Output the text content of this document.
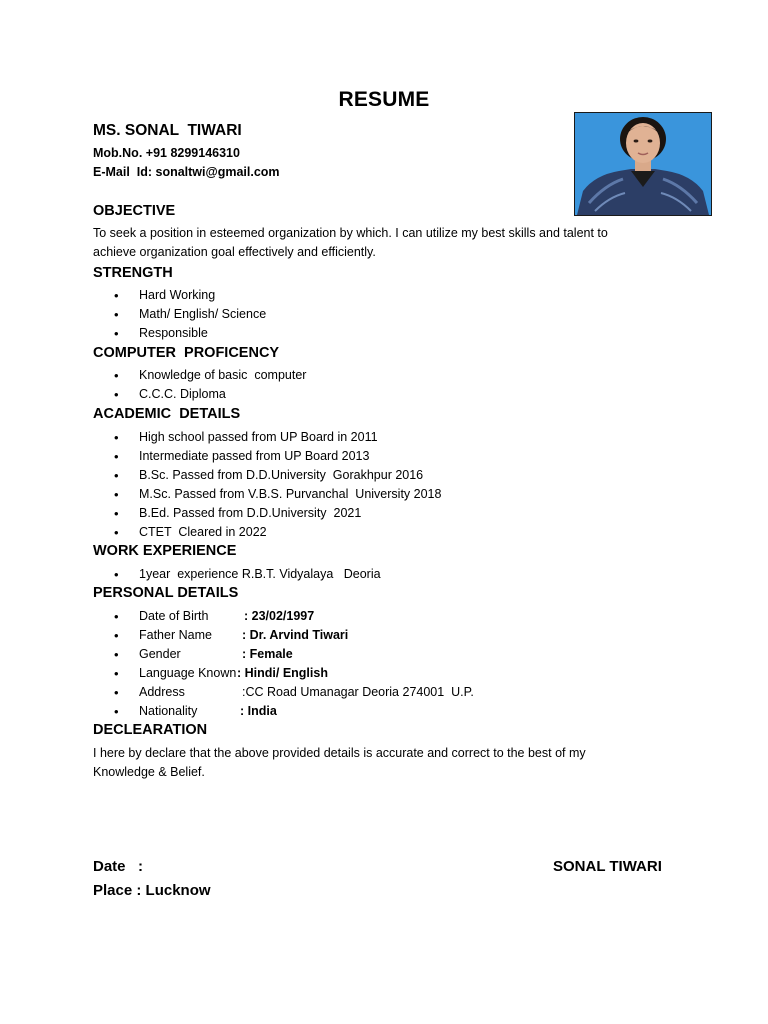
RESUME
MS. SONAL  TIWARI
Mob.No. +91 8299146310
E-Mail  Id: sonaltwi@gmail.com
OBJECTIVE
To seek a position in esteemed organization by which. I can utilize my best skills and talent to
achieve organization goal effectively and efficiently.
STRENGTH
• Hard Working
• Math/ English/ Science
• Responsible
COMPUTER  PROFICENCY
• Knowledge of basic  computer
• C.C.C. Diploma
ACADEMIC  DETAILS
• High school passed from UP Board in 2011
• Intermediate passed from UP Board 2013
• B.Sc. Passed from D.D.University  Gorakhpur 2016
• M.Sc. Passed from V.B.S. Purvanchal  University 2018
• B.Ed. Passed from D.D.University  2021
• CTET  Cleared in 2022
WORK EXPERIENCE
• 1year  experience R.B.T. Vidyalaya   Deoria
PERSONAL DETAILS

•

Date of Birth

	: 23/02/1997

•

Father Name

: Dr. Arvind Tiwari

•

Gender

	: Female

•

Language Known

: Hindi/ English

•

Address

	:CC Road Umanagar Deoria 274001  U.P.

•

Nationality

	: India

DECLEARATION
I here by declare that the above provided details is accurate and correct to the best of my
Knowledge & Belief.
Date   :	SONAL TIWARI
Place : Lucknow
